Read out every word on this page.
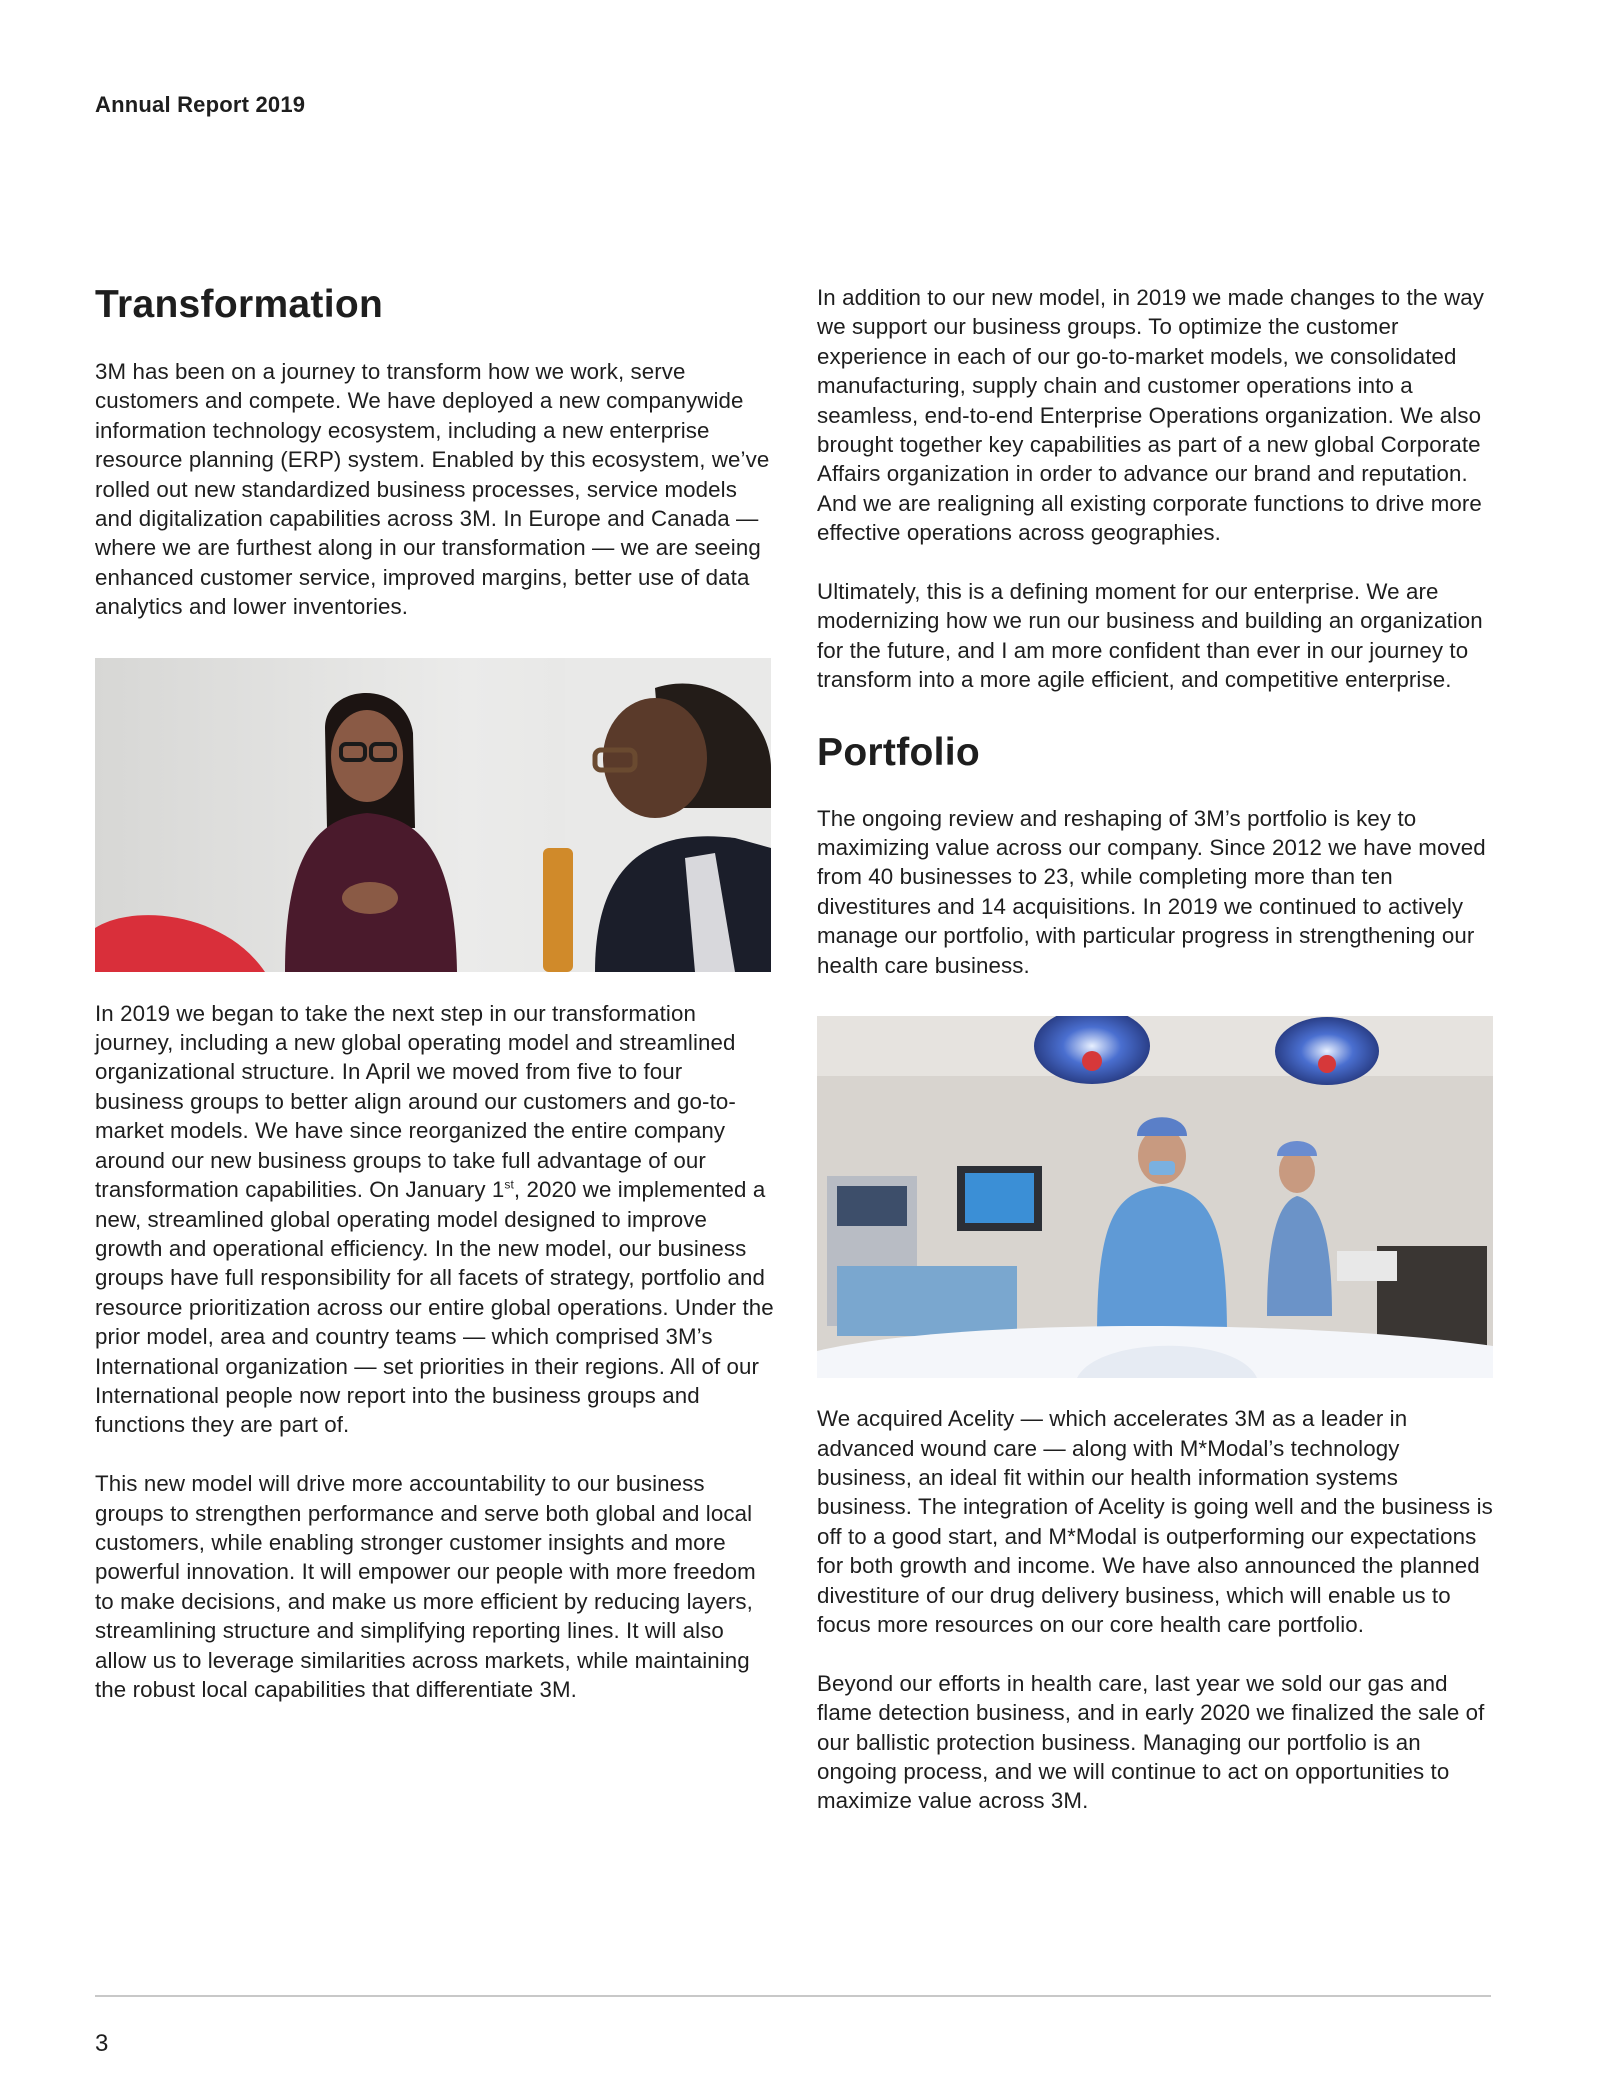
Annual Report 2019
Transformation

3M has been on a journey to transform how we work, serve customers and compete. We have deployed a new companywide information technology ecosystem, including a new enterprise resource planning (ERP) system. Enabled by this ecosystem, we’ve rolled out new standardized business processes, service models and digitalization capabilities across 3M. In Europe and Canada — where we are furthest along in our transformation — we are seeing enhanced customer service, improved margins, better use of data analytics and lower inventories.

In 2019 we began to take the next step in our transformation journey, including a new global operating model and streamlined organizational structure. In April we moved from five to four business groups to better align around our customers and go-to-market models. We have since reorganized the entire company around our new business groups to take full advantage of our transformation capabilities. On January 1st, 2020 we implemented a new, streamlined global operating model designed to improve growth and operational efficiency. In the new model, our business groups have full responsibility for all facets of strategy, portfolio and resource prioritization across our entire global operations. Under the prior model, area and country teams — which comprised 3M’s International organization — set priorities in their regions. All of our International people now report into the business groups and functions they are part of.

This new model will drive more accountability to our business groups to strengthen performance and serve both global and local customers, while enabling stronger customer insights and more powerful innovation. It will empower our people with more freedom to make decisions, and make us more efficient by reducing layers, streamlining structure and simplifying reporting lines. It will also allow us to leverage similarities across markets, while maintaining the robust local capabilities that differentiate 3M.

In addition to our new model, in 2019 we made changes to the way we support our business groups. To optimize the customer experience in each of our go-to-market models, we consolidated manufacturing, supply chain and customer operations into a seamless, end-to-end Enterprise Operations organization. We also brought together key capabilities as part of a new global Corporate Affairs organization in order to advance our brand and reputation. And we are realigning all existing corporate functions to drive more effective operations across geographies.

Ultimately, this is a defining moment for our enterprise. We are modernizing how we run our business and building an organization for the future, and I am more confident than ever in our journey to transform into a more agile efficient, and competitive enterprise.

Portfolio

The ongoing review and reshaping of 3M’s portfolio is key to maximizing value across our company. Since 2012 we have moved from 40 businesses to 23, while completing more than ten divestitures and 14 acquisitions. In 2019 we continued to actively manage our portfolio, with particular progress in strengthening our health care business.

We acquired Acelity — which accelerates 3M as a leader in advanced wound care — along with M*Modal’s technology business, an ideal fit within our health information systems business. The integration of Acelity is going well and the business is off to a good start, and M*Modal is outperforming our expectations for both growth and income. We have also announced the planned divestiture of our drug delivery business, which will enable us to focus more resources on our core health care portfolio.

Beyond our efforts in health care, last year we sold our gas and flame detection business, and in early 2020 we finalized the sale of our ballistic protection business. Managing our portfolio is an ongoing process, and we will continue to act on opportunities to maximize value across 3M.

3
